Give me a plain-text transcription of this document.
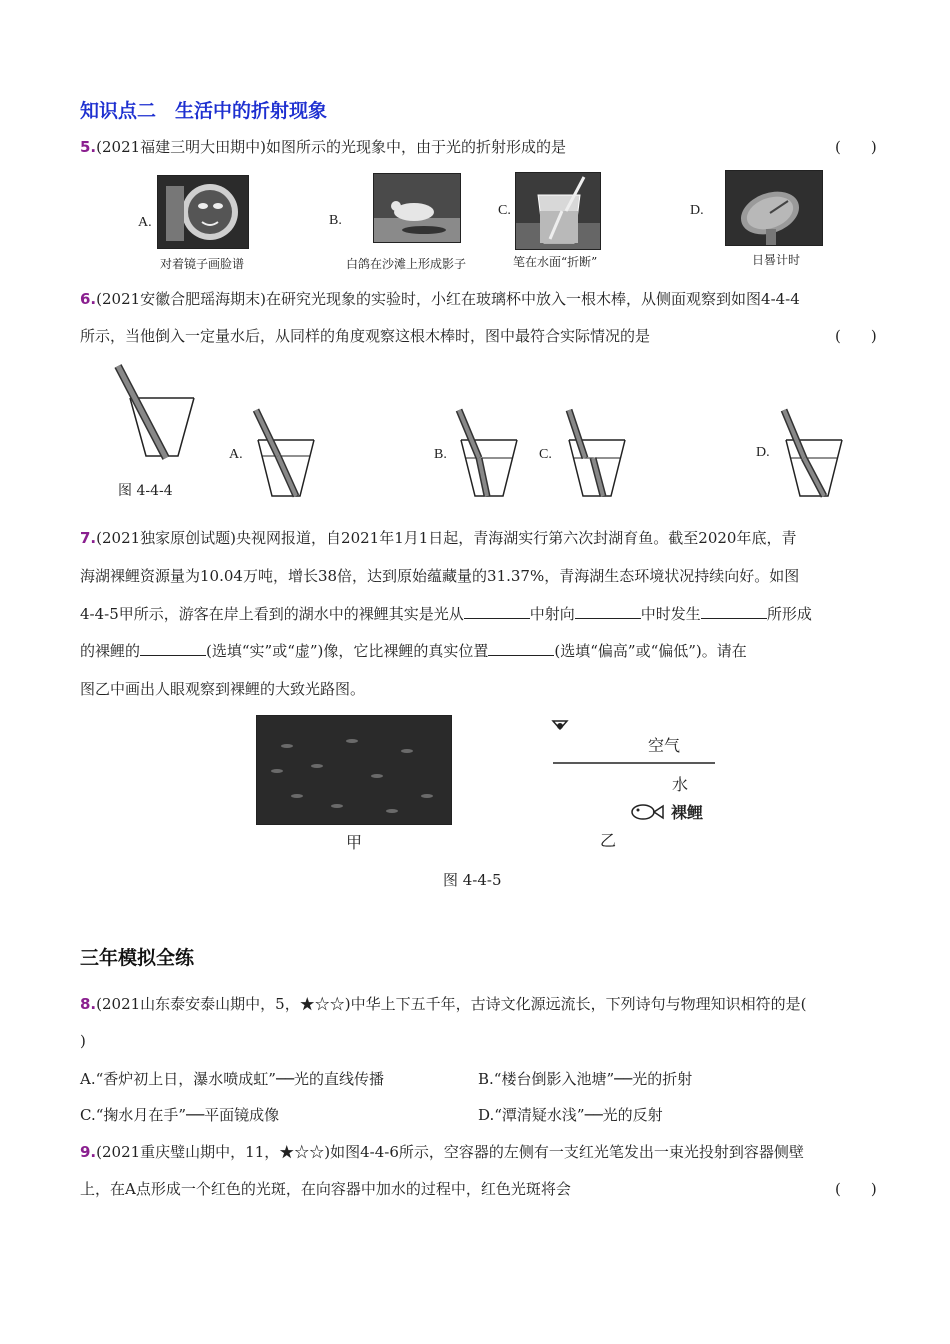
知识点二　生活中的折射现象
5.(2021福建三明大田期中)如图所示的光现象中，由于光的折射形成的是	(　　)
A.
对着镜子画脸谱
B.
白鸽在沙滩上形成影子
C.
笔在水面“折断”
D.
日晷计时
6.(2021安徽合肥瑶海期末)在研究光现象的实验时，小红在玻璃杯中放入一根木棒，从侧面观察到如图4-4-4
所示，当他倒入一定量水后，从同样的角度观察这根木棒时，图中最符合实际情况的是	(　　)
图 4-4-4
A.	B.	C.	D.
7.(2021独家原创试题)央视网报道，自2021年1月1日起，青海湖实行第六次封湖育鱼。截至2020年底，青
海湖裸鲤资源量为10.04万吨，增长38倍，达到原始蕴藏量的31.37%，青海湖生态环境状况持续向好。如图
4-4-5甲所示，游客在岸上看到的湖水中的裸鲤其实是光从	中射向	中时发生	所形成
的裸鲤的	(选填“实”或“虚”)像，它比裸鲤的真实位置	(选填“偏高”或“偏低”)。请在
图乙中画出人眼观察到裸鲤的大致光路图。
甲
空气
水
裸鲤
乙
图 4-4-5
三年模拟全练
8.(2021山东泰安泰山期中，5，★☆☆)中华上下五千年，古诗文化源远流长，下列诗句与物理知识相符的是(
)
A.“香炉初上日，瀑水喷成虹”──光的直线传播	B.“楼台倒影入池塘”──光的折射
C.“掬水月在手”──平面镜成像	D.“潭清疑水浅”──光的反射
9.(2021重庆璧山期中，11，★☆☆)如图4-4-6所示，空容器的左侧有一支红光笔发出一束光投射到容器侧壁
上，在A点形成一个红色的光斑，在向容器中加水的过程中，红色光斑将会	(　　)
